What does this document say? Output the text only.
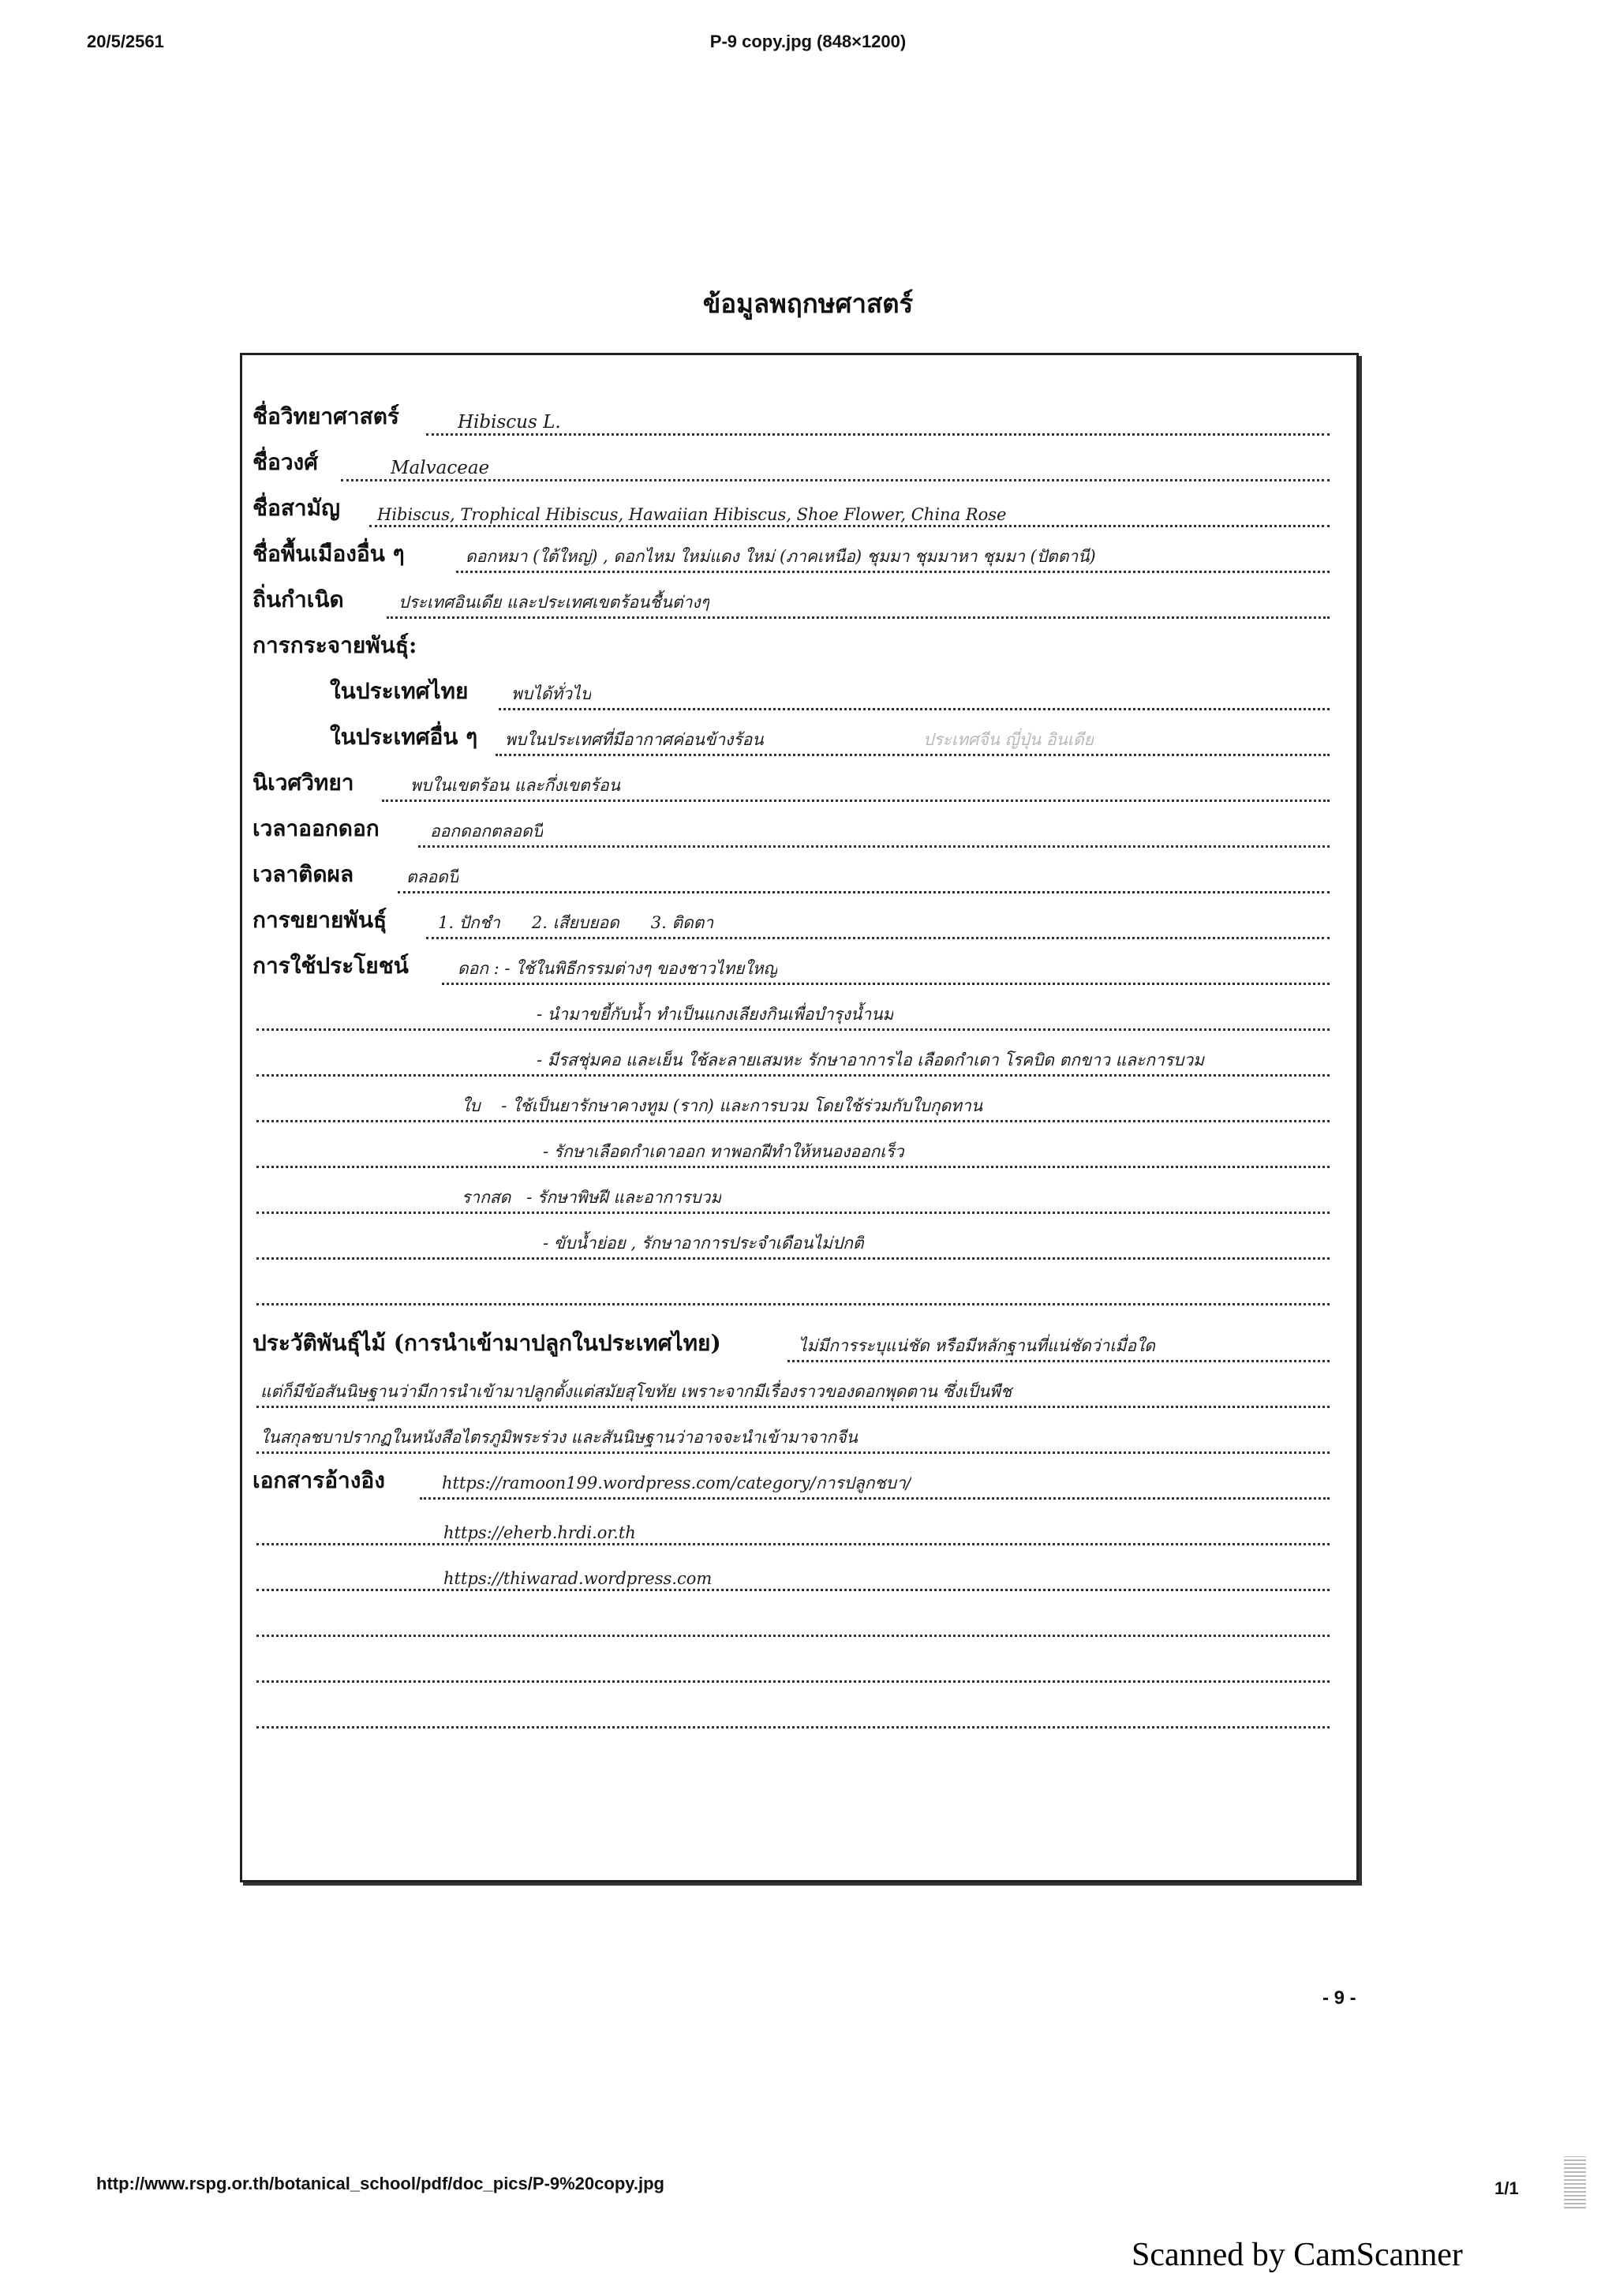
20/5/2561	P-9 copy.jpg (848×1200)
ข้อมูลพฤกษศาสตร์
ชื่อวิทยาศาสตร์	Hibiscus L.
ชื่อวงศ์	Malvaceae
ชื่อสามัญ Hibiscus, Trophical Hibiscus, Hawaiian Hibiscus, Shoe Flower, China Rose
ชื่อพื้นเมืองอื่น ๆ	ดอกหมา (ใต้ใหญ่) , ดอกไหม ใหม่แดง ใหม่ (ภาคเหนือ) ชุมมา ชุมมาหา ชุมมา (ปัตตานี)
ถิ่นกำเนิด	ประเทศอินเดีย และประเทศเขตร้อนชื้นต่างๆ
การกระจายพันธุ์:
ในประเทศไทย	พบได้ทั่วไป
ในประเทศอื่น ๆ พบในประเทศที่มีอากาศค่อนข้างร้อน	ประเทศจีน ญี่ปุ่น อินเดีย
นิเวศวิทยา	พบในเขตร้อน และกึ่งเขตร้อน
เวลาออกดอก	ออกดอกตลอดปี
เวลาติดผล	ตลอดปี
การขยายพันธุ์	1. ปักชำ      2. เสียบยอด      3. ติดตา
การใช้ประโยชน์	ดอก : - ใช้ในพิธีกรรมต่างๆ ของชาวไทยใหญ่
- นำมาขยี้กับน้ำ ทำเป็นแกงเลียงกินเพื่อบำรุงน้ำนม
- มีรสชุ่มคอ และเย็น ใช้ละลายเสมหะ รักษาอาการไอ เลือดกำเดา โรคบิด ตกขาว และการบวม
ใบ    - ใช้เป็นยารักษาคางทูม (ราก) และการบวม โดยใช้ร่วมกับใบกุดทาน
- รักษาเลือดกำเดาออก ทาพอกฝีทำให้หนองออกเร็ว
รากสด   - รักษาพิษฝี และอาการบวม
- ขับน้ำย่อย , รักษาอาการประจำเดือนไม่ปกติ
ประวัติพันธุ์ไม้ (การนำเข้ามาปลูกในประเทศไทย)	ไม่มีการระบุแน่ชัด หรือมีหลักฐานที่แน่ชัดว่าเมื่อใด
แต่ก็มีข้อสันนิษฐานว่ามีการนำเข้ามาปลูกตั้งแต่สมัยสุโขทัย เพราะจากมีเรื่องราวของดอกพุดตาน ซึ่งเป็นพืช
ในสกุลชบาปรากฏในหนังสือไตรภูมิพระร่วง และสันนิษฐานว่าอาจจะนำเข้ามาจากจีน
เอกสารอ้างอิง	https://ramoon199.wordpress.com/category/การปลูกชบา/
https://eherb.hrdi.or.th
https://thiwarad.wordpress.com
- 9 -
http://www.rspg.or.th/botanical_school/pdf/doc_pics/P-9%20copy.jpg	1/1
Scanned by CamScanner
